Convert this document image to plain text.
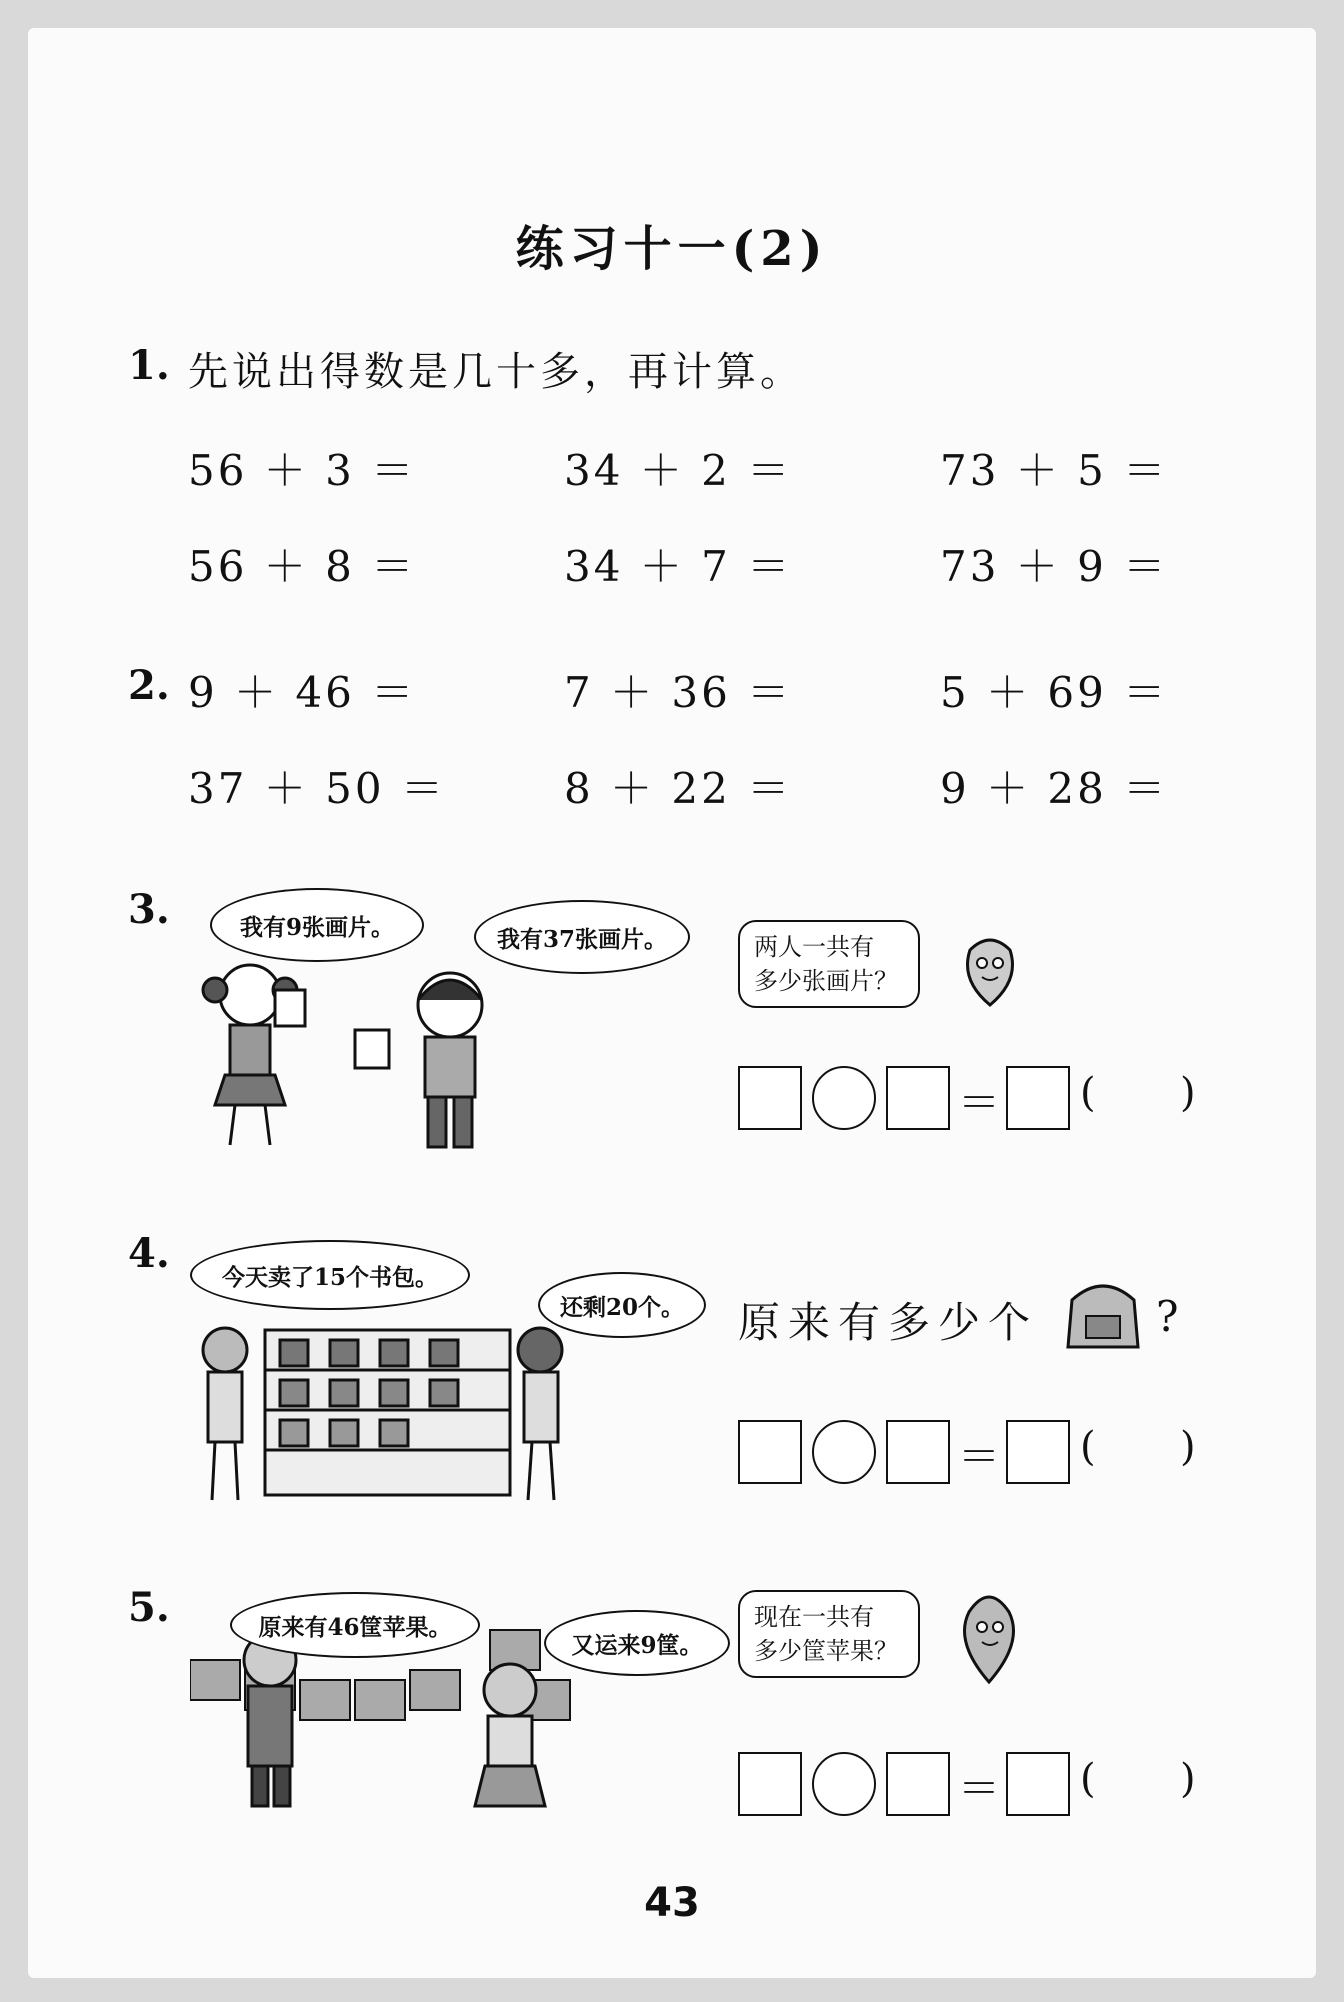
练习十一(2)
1. 先说出得数是几十多，再计算。
56 ＋ 3 ＝	34 ＋ 2 ＝	73 ＋ 5 ＝
56 ＋ 8 ＝	34 ＋ 7 ＝	73 ＋ 9 ＝
2. 9 ＋ 46 ＝	7 ＋ 36 ＝	5 ＋ 69 ＝
37 ＋ 50 ＝	8 ＋ 22 ＝	9 ＋ 28 ＝
3.	我有9张画片。	我有37张画片。	两人一共有
多少张画片？
＝ ( )
4. 今天卖了15个书包。
还剩20个。 原来有多少个	?
＝ ( )
5.	原来有46筐苹果。
又运来9筐。
现在一共有
多少筐苹果？
＝ ( )
43
